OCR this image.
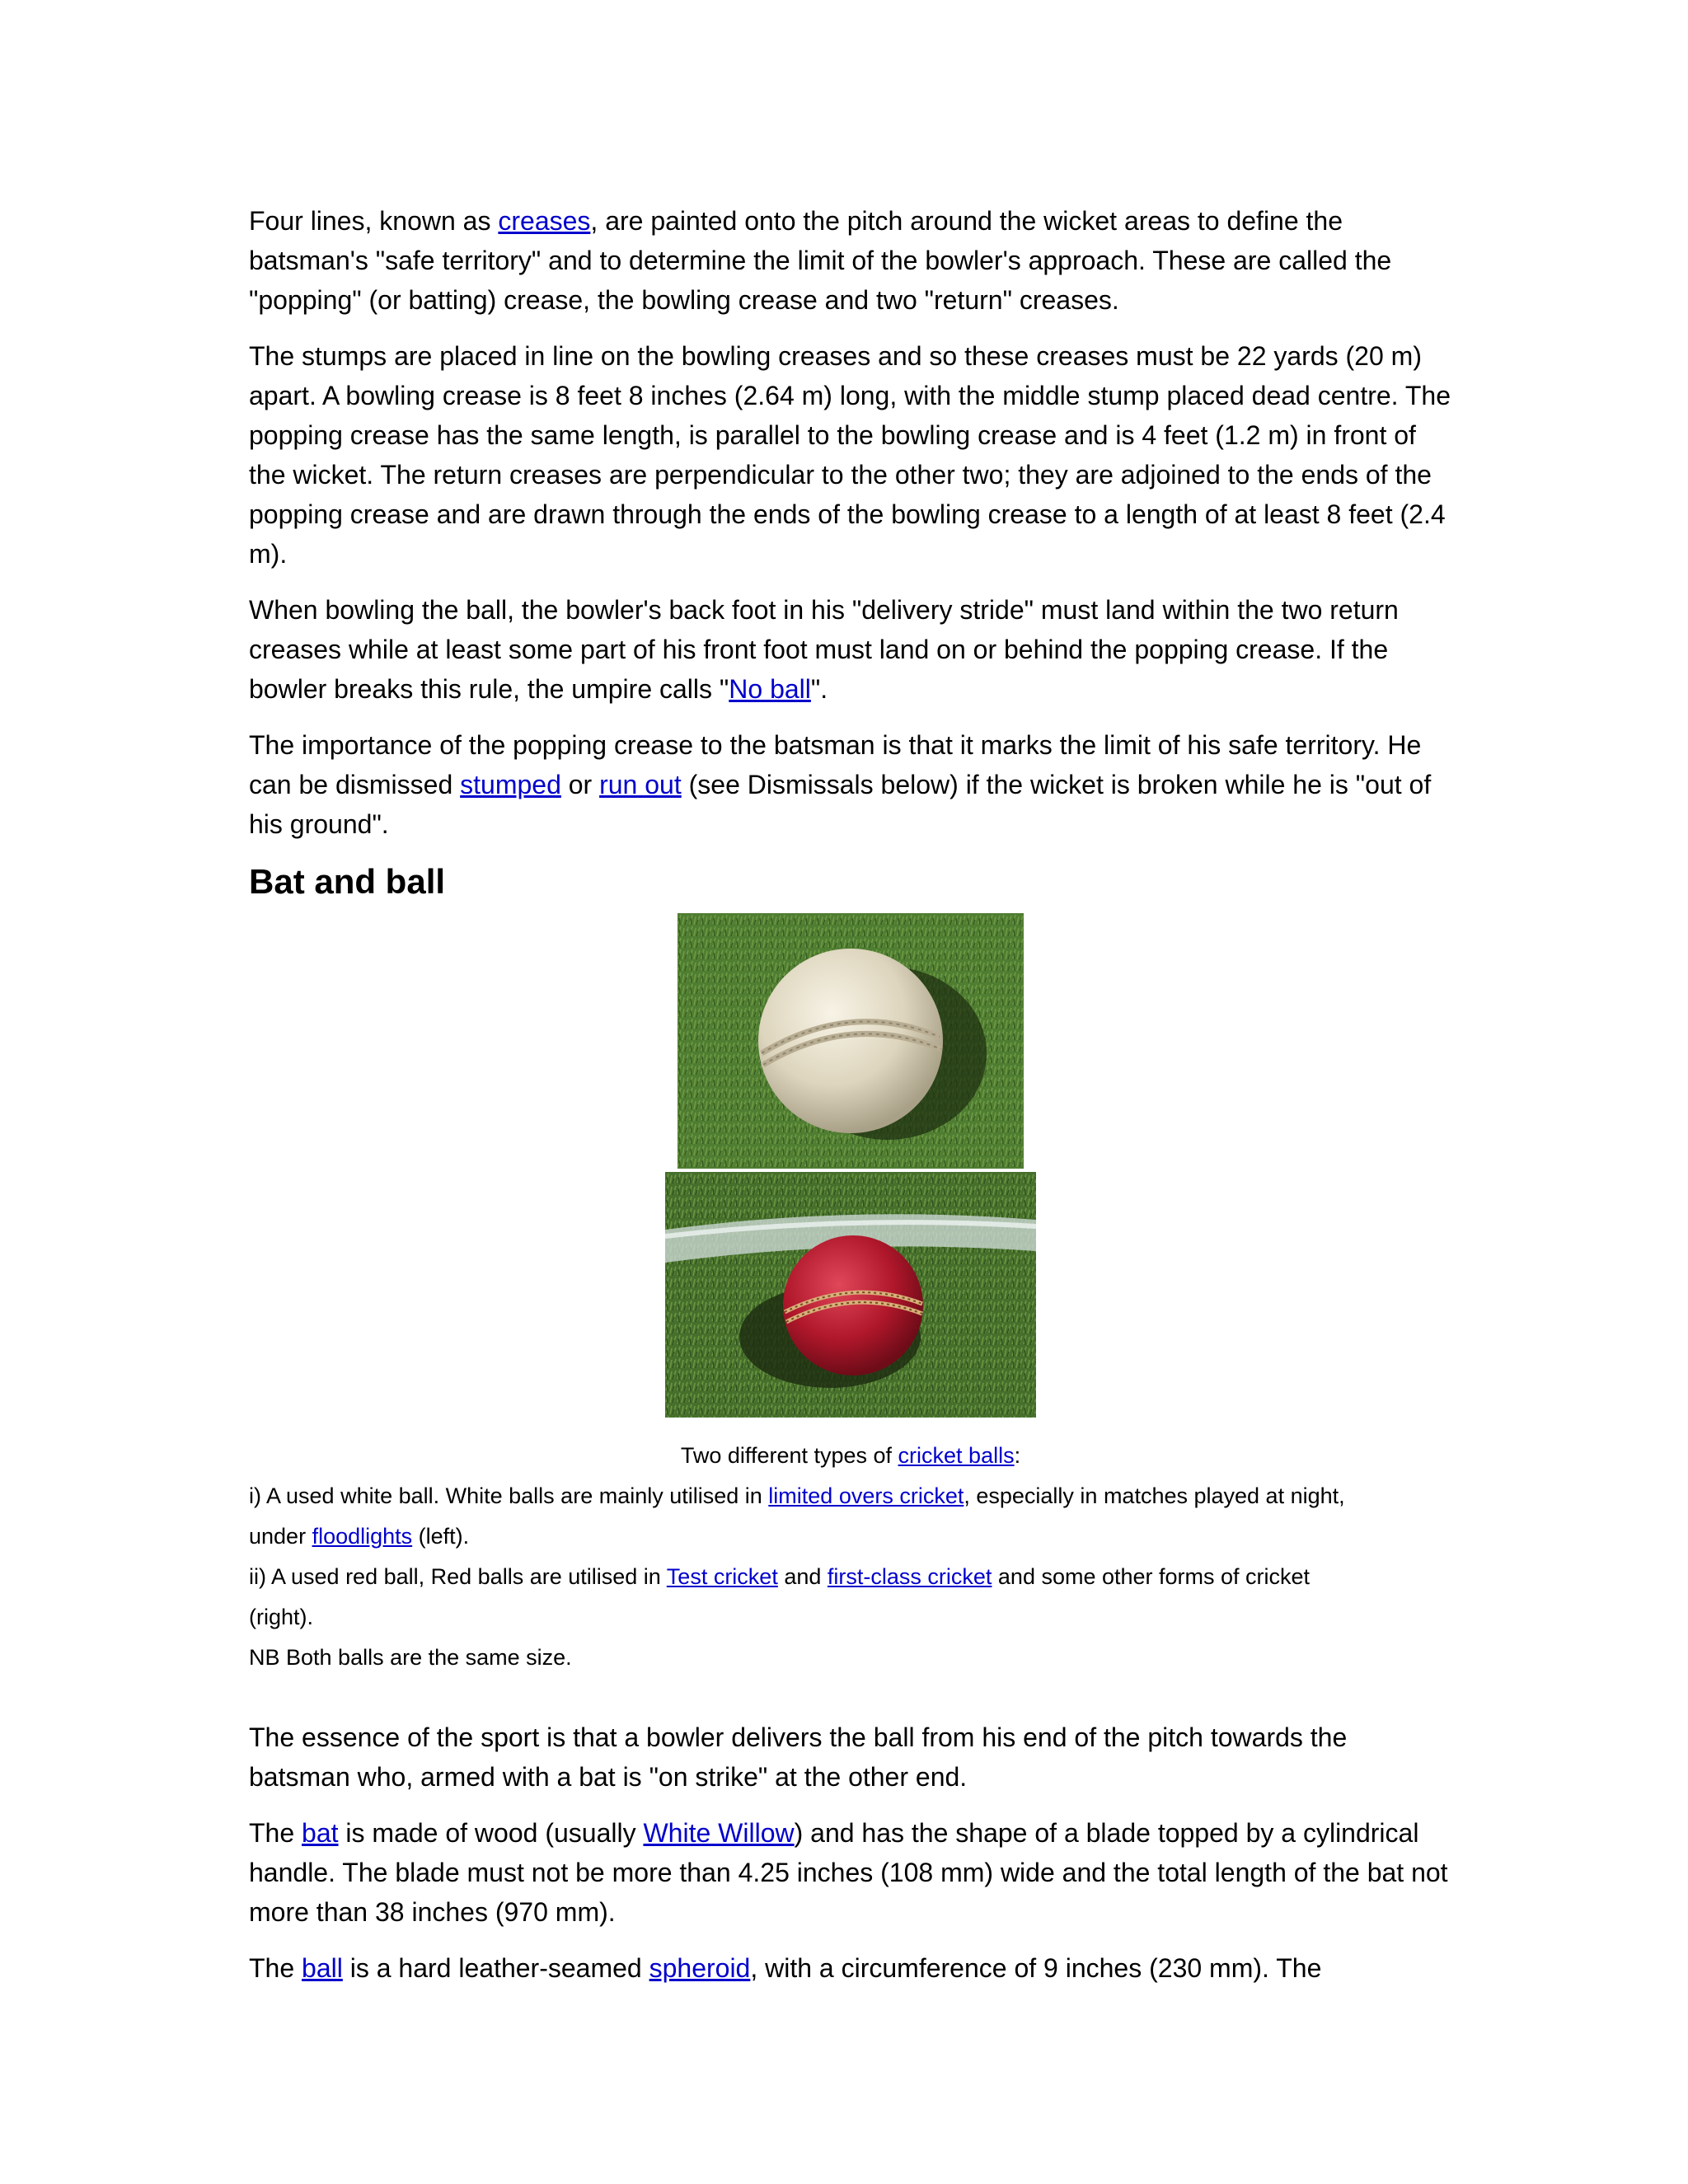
Four lines, known as creases, are painted onto the pitch around the wicket areas to define the batsman's "safe territory" and to determine the limit of the bowler's approach. These are called the "popping" (or batting) crease, the bowling crease and two "return" creases.

The stumps are placed in line on the bowling creases and so these creases must be 22 yards (20 m) apart. A bowling crease is 8 feet 8 inches (2.64 m) long, with the middle stump placed dead centre. The popping crease has the same length, is parallel to the bowling crease and is 4 feet (1.2 m) in front of the wicket. The return creases are perpendicular to the other two; they are adjoined to the ends of the popping crease and are drawn through the ends of the bowling crease to a length of at least 8 feet (2.4 m).

When bowling the ball, the bowler's back foot in his "delivery stride" must land within the two return creases while at least some part of his front foot must land on or behind the popping crease. If the bowler breaks this rule, the umpire calls "No ball".

The importance of the popping crease to the batsman is that it marks the limit of his safe territory. He can be dismissed stumped or run out (see Dismissals below) if the wicket is broken while he is "out of his ground".

Bat and ball
Two different types of cricket balls:
i) A used white ball. White balls are mainly utilised in limited overs cricket, especially in matches played at night,
under floodlights (left).
ii) A used red ball, Red balls are utilised in Test cricket and first-class cricket and some other forms of cricket
(right).
NB Both balls are the same size.

The essence of the sport is that a bowler delivers the ball from his end of the pitch towards the batsman who, armed with a bat is "on strike" at the other end.

The bat is made of wood (usually White Willow) and has the shape of a blade topped by a cylindrical handle. The blade must not be more than 4.25 inches (108 mm) wide and the total length of the bat not more than 38 inches (970 mm).

The ball is a hard leather-seamed spheroid, with a circumference of 9 inches (230 mm). The
